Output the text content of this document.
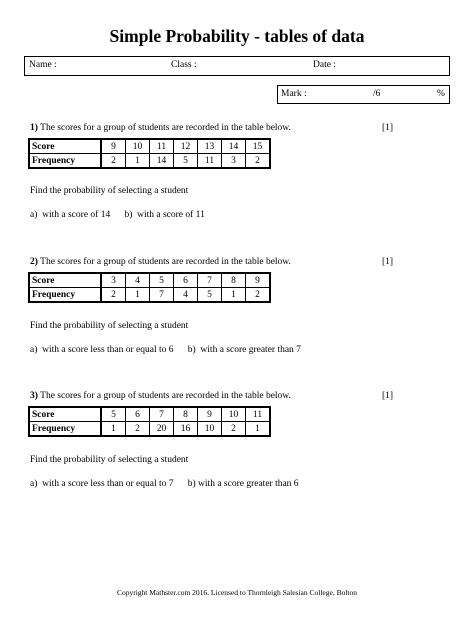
Simple Probability - tables of data
Name :	Class :	Date :
Mark :	/6	%
1) The scores for a group of students are recorded in the table below.	[1]
Score	9	10	11	12	13	14	15
Frequency	2	1	14	5	11	3	2
Find the probability of selecting a student
a)  with a score of 14 b)  with a score of 11
2) The scores for a group of students are recorded in the table below.	[1]
Score	3	4	5	6	7	8	9
Frequency	2	1	7	4	5	1	2
Find the probability of selecting a student
a)  with a score less than or equal to 6 b)  with a score greater than 7
3) The scores for a group of students are recorded in the table below.	[1]
Score	5	6	7	8	9	10	11
Frequency	1	2	20	16	10	2	1
Find the probability of selecting a student
a)  with a score less than or equal to 7 b) with a score greater than 6
Copyright Mathster.com 2016. Licensed to Thornleigh Salesian College, Bolton
